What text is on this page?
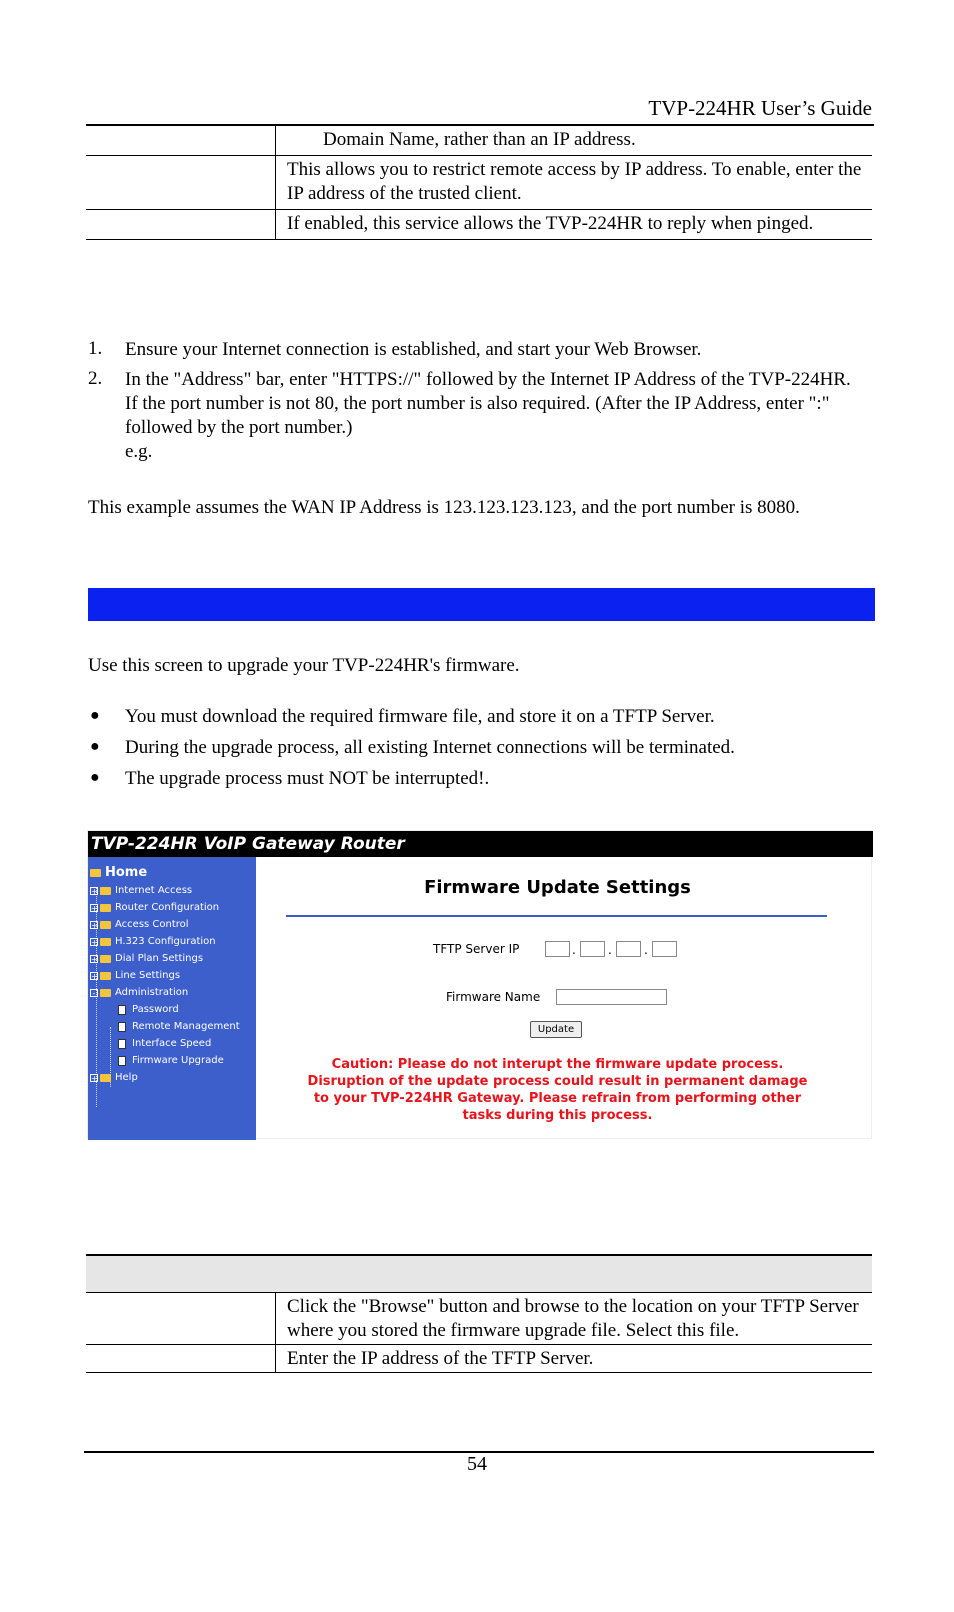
TVP-224HR User’s Guide
	Domain Name, rather than an IP address.
	This allows you to restrict remote access by IP address. To enable, enter the IP address of the trusted client.
	If enabled, this service allows the TVP-224HR to reply when pinged.
1. Ensure your Internet connection is established, and start your Web Browser.
2. In the "Address" bar, enter "HTTPS://" followed by the Internet IP Address of the TVP-224HR. If the port number is not 80, the port number is also required. (After the IP Address, enter ":" followed by the port number.)
e.g.
This example assumes the WAN IP Address is 123.123.123.123, and the port number is 8080.
Use this screen to upgrade your TVP-224HR's firmware.
● You must download the required firmware file, and store it on a TFTP Server.
● During the upgrade process, all existing Internet connections will be terminated.
● The upgrade process must NOT be interrupted!.
TVP-224HR VoIP Gateway Router
Home
+ Internet Access
+ Router Configuration
+ Access Control
+ H.323 Configuration
+ Dial Plan Settings
+ Line Settings
- Administration
Password
Remote Management
Interface Speed
Firmware Upgrade
+ Help
Firmware Update Settings
TFTP Server IP	.	.	.
Firmware Name
Update
Caution: Please do not interupt the firmware update process.
Disruption of the update process could result in permanent damage
to your TVP-224HR Gateway. Please refrain from performing other
tasks during this process.
	Click the "Browse" button and browse to the location on your TFTP Server where you stored the firmware upgrade file. Select this file.
	Enter the IP address of the TFTP Server.
54
